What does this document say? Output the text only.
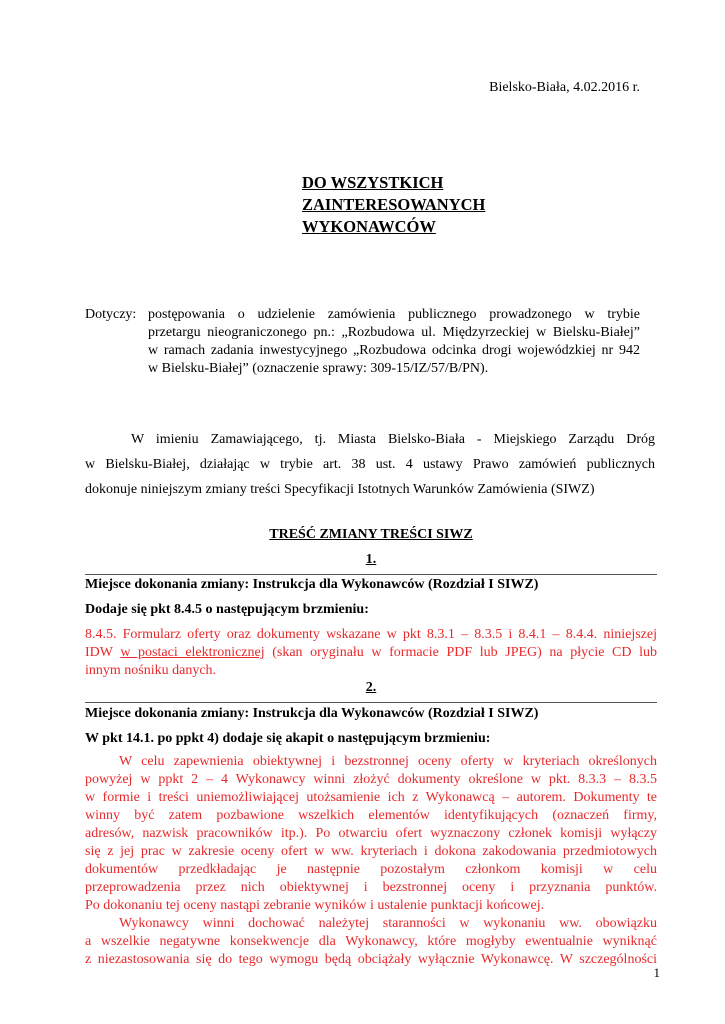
Bielsko-Biała, 4.02.2016 r.
DO WSZYSTKICH
ZAINTERESOWANYCH
WYKONAWCÓW
Dotyczy: postępowania o udzielenie zamówienia publicznego prowadzonego w trybie
przetargu nieograniczonego pn.: „Rozbudowa ul. Międzyrzeckiej w Bielsku-Białej”
w ramach zadania inwestycyjnego „Rozbudowa odcinka drogi wojewódzkiej nr 942
w Bielsku-Białej” (oznaczenie sprawy: 309-15/IZ/57/B/PN).
W imieniu Zamawiającego, tj. Miasta Bielsko-Biała - Miejskiego Zarządu Dróg
w Bielsku-Białej, działając w trybie art. 38 ust. 4 ustawy Prawo zamówień publicznych
dokonuje niniejszym zmiany treści Specyfikacji Istotnych Warunków Zamówienia (SIWZ)
TREŚĆ ZMIANY TREŚCI SIWZ
1.
Miejsce dokonania zmiany: Instrukcja dla Wykonawców (Rozdział I SIWZ)
Dodaje się pkt 8.4.5 o następującym brzmieniu:
8.4.5. Formularz oferty oraz dokumenty wskazane w pkt 8.3.1 – 8.3.5 i 8.4.1 – 8.4.4. niniejszej
IDW w postaci elektronicznej (skan oryginału w formacie PDF lub JPEG) na płycie CD lub
innym nośniku danych.
2.
Miejsce dokonania zmiany: Instrukcja dla Wykonawców (Rozdział I SIWZ)
W pkt 14.1. po ppkt 4) dodaje się akapit o następującym brzmieniu:
W celu zapewnienia obiektywnej i bezstronnej oceny oferty w kryteriach określonych
powyżej w ppkt 2 – 4 Wykonawcy winni złożyć dokumenty określone w pkt. 8.3.3 – 8.3.5
w formie i treści uniemożliwiającej utożsamienie ich z Wykonawcą – autorem. Dokumenty te
winny być zatem pozbawione wszelkich elementów identyfikujących (oznaczeń firmy,
adresów, nazwisk pracowników itp.). Po otwarciu ofert wyznaczony członek komisji wyłączy
się z jej prac w zakresie oceny ofert w ww. kryteriach i dokona zakodowania przedmiotowych
dokumentów przedkładając je następnie pozostałym członkom komisji w celu
przeprowadzenia przez nich obiektywnej i bezstronnej oceny i przyznania punktów.
Po dokonaniu tej oceny nastąpi zebranie wyników i ustalenie punktacji końcowej.
Wykonawcy winni dochować należytej staranności w wykonaniu ww. obowiązku
a wszelkie negatywne konsekwencje dla Wykonawcy, które mogłyby ewentualnie wyniknąć
z niezastosowania się do tego wymogu będą obciążały wyłącznie Wykonawcę. W szczególności
1
